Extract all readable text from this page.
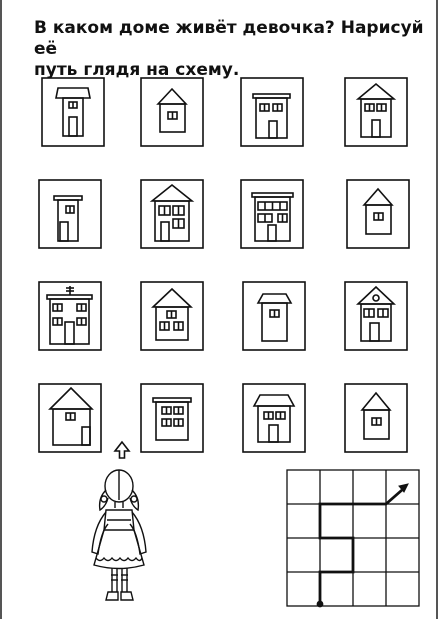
В каком доме живёт девочка? Нарисуй её
путь глядя на схему.
